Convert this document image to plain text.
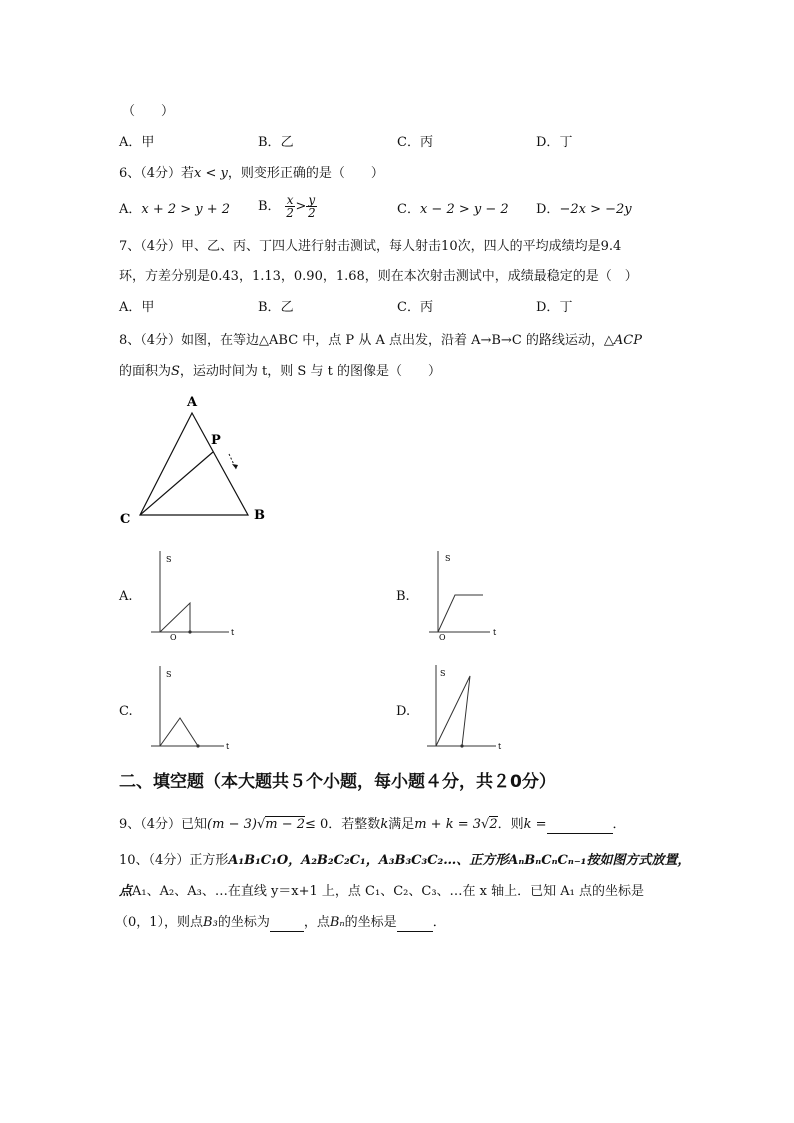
（　　）
A．甲	B．乙	C．丙	D．丁
6、（4分）若x < y，则变形正确的是（　　）
A．x + 2 > y + 2 B． $\frac{x}{2} > \frac{y}{2}$	C．x − 2 > y − 2 D．−2x > −2y
7、（4分）甲、乙、丙、丁四人进行射击测试，每人射击10次，四人的平均成绩均是9.4
环，方差分别是0.43，1.13，0.90，1.68，则在本次射击测试中，成绩最稳定的是（　）
A．甲	B．乙	C．丙	D．丁
8、（4分）如图，在等边△ABC 中，点 P 从 A 点出发，沿着 A→B→C 的路线运动，△ACP
的面积为S，运动时间为 t，则 S 与 t 的图像是（　　）
A
B
C
P
S
t
O
S
t
O
S
t
S
t
A.	B.
C.	D.
二、填空题（本大题共５个小题，每小题４分，共２0分）
9、（4分）已知(m − 3)√m − 2≤ 0．若整数k满足m + k = 3√2．则k =	．
10、（4分）正方形A₁B₁C₁O，A₂B₂C₂C₁，A₃B₃C₃C₂…、正方形AₙBₙCₙCₙ₋₁按如图方式放置，
点A₁、A₂、A₃、…在直线 y＝x+1 上，点 C₁、C₂、C₃、…在 x 轴上．已知 A₁ 点的坐标是
（0，1），则点B₃的坐标为	，点Bₙ的坐标是	．
